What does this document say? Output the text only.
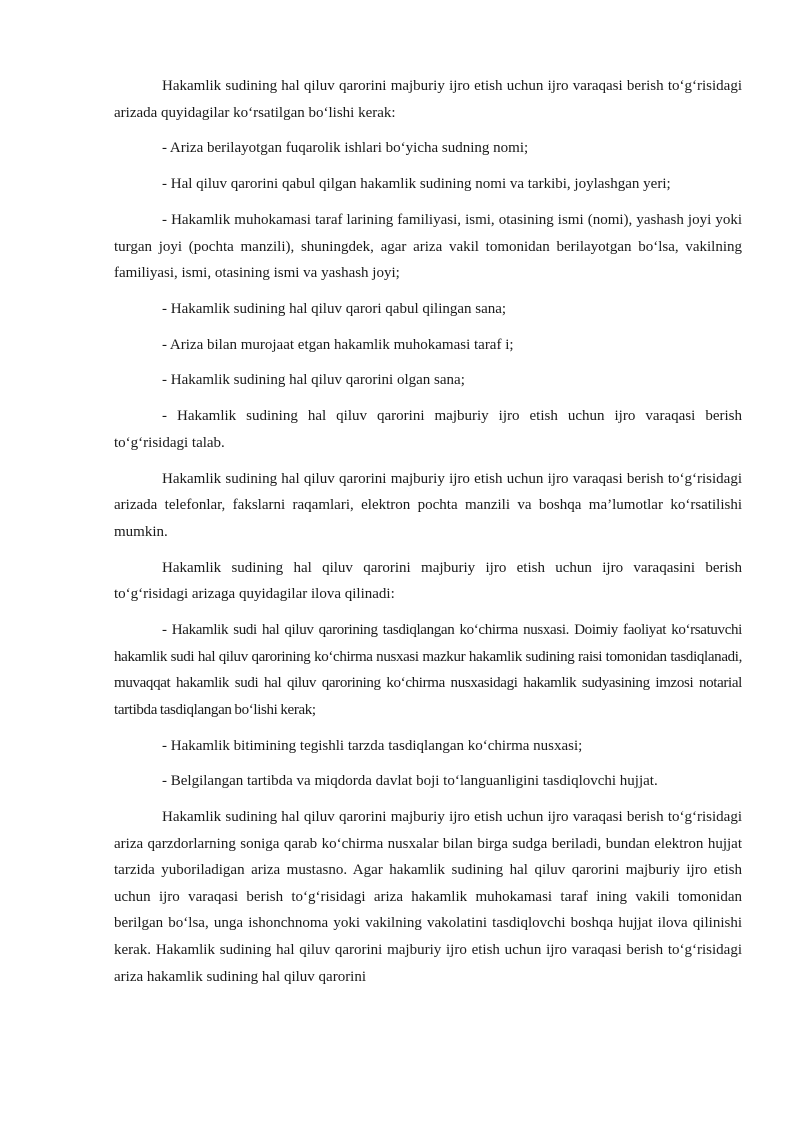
Hakamlik sudining hal qiluv qarorini majburiy ijro etish uchun ijro varaqasi berish to‘g‘risidagi arizada quyidagilar ko‘rsatilgan bo‘lishi kerak:

- Ariza berilayotgan fuqarolik ishlari bo‘yicha sudning nomi;

- Hal qiluv qarorini qabul qilgan hakamlik sudining nomi va tarkibi, joylashgan yeri;

- Hakamlik muhokamasi taraf larining familiyasi, ismi, otasining ismi (nomi), yashash joyi yoki turgan joyi (pochta manzili), shuningdek, agar ariza vakil tomonidan berilayotgan bo‘lsa, vakilning familiyasi, ismi, otasining ismi va yashash joyi;

- Hakamlik sudining hal qiluv qarori qabul qilingan sana;

- Ariza bilan murojaat etgan hakamlik muhokamasi taraf i;

- Hakamlik sudining hal qiluv qarorini olgan sana;

- Hakamlik sudining hal qiluv qarorini majburiy ijro etish uchun ijro varaqasi berish to‘g‘risidagi talab.

Hakamlik sudining hal qiluv qarorini majburiy ijro etish uchun ijro varaqasi berish to‘g‘risidagi arizada telefonlar, fakslarni raqamlari, elektron pochta manzili va boshqa ma’lumotlar ko‘rsatilishi mumkin.

Hakamlik sudining hal qiluv qarorini majburiy ijro etish uchun ijro varaqasini berish to‘g‘risidagi arizaga quyidagilar ilova qilinadi:

- Hakamlik sudi hal qiluv qarorining tasdiqlangan ko‘chirma nusxasi. Doimiy faoliyat ko‘rsatuvchi hakamlik sudi hal qiluv qarorining ko‘chirma nusxasi mazkur hakamlik sudining raisi tomonidan tasdiqlanadi, muvaqqat hakamlik sudi hal qiluv qarorining ko‘chirma nusxasidagi hakamlik sudyasining imzosi notarial tartibda tasdiqlangan bo‘lishi kerak;

- Hakamlik bitimining tegishli tarzda tasdiqlangan ko‘chirma nusxasi;

- Belgilangan tartibda va miqdorda davlat boji to‘languanligini tasdiqlovchi hujjat.

Hakamlik sudining hal qiluv qarorini majburiy ijro etish uchun ijro varaqasi berish to‘g‘risidagi ariza qarzdorlarning soniga qarab ko‘chirma nusxalar bilan birga sudga beriladi, bundan elektron hujjat tarzida yuboriladigan ariza mustasno. Agar hakamlik sudining hal qiluv qarorini majburiy ijro etish uchun ijro varaqasi berish to‘g‘risidagi ariza hakamlik muhokamasi taraf ining vakili tomonidan berilgan bo‘lsa, unga ishonchnoma yoki vakilning vakolatini tasdiqlovchi boshqa hujjat ilova qilinishi kerak. Hakamlik sudining hal qiluv qarorini majburiy ijro etish uchun ijro varaqasi berish to‘g‘risidagi ariza hakamlik sudining hal qiluv qarorini
